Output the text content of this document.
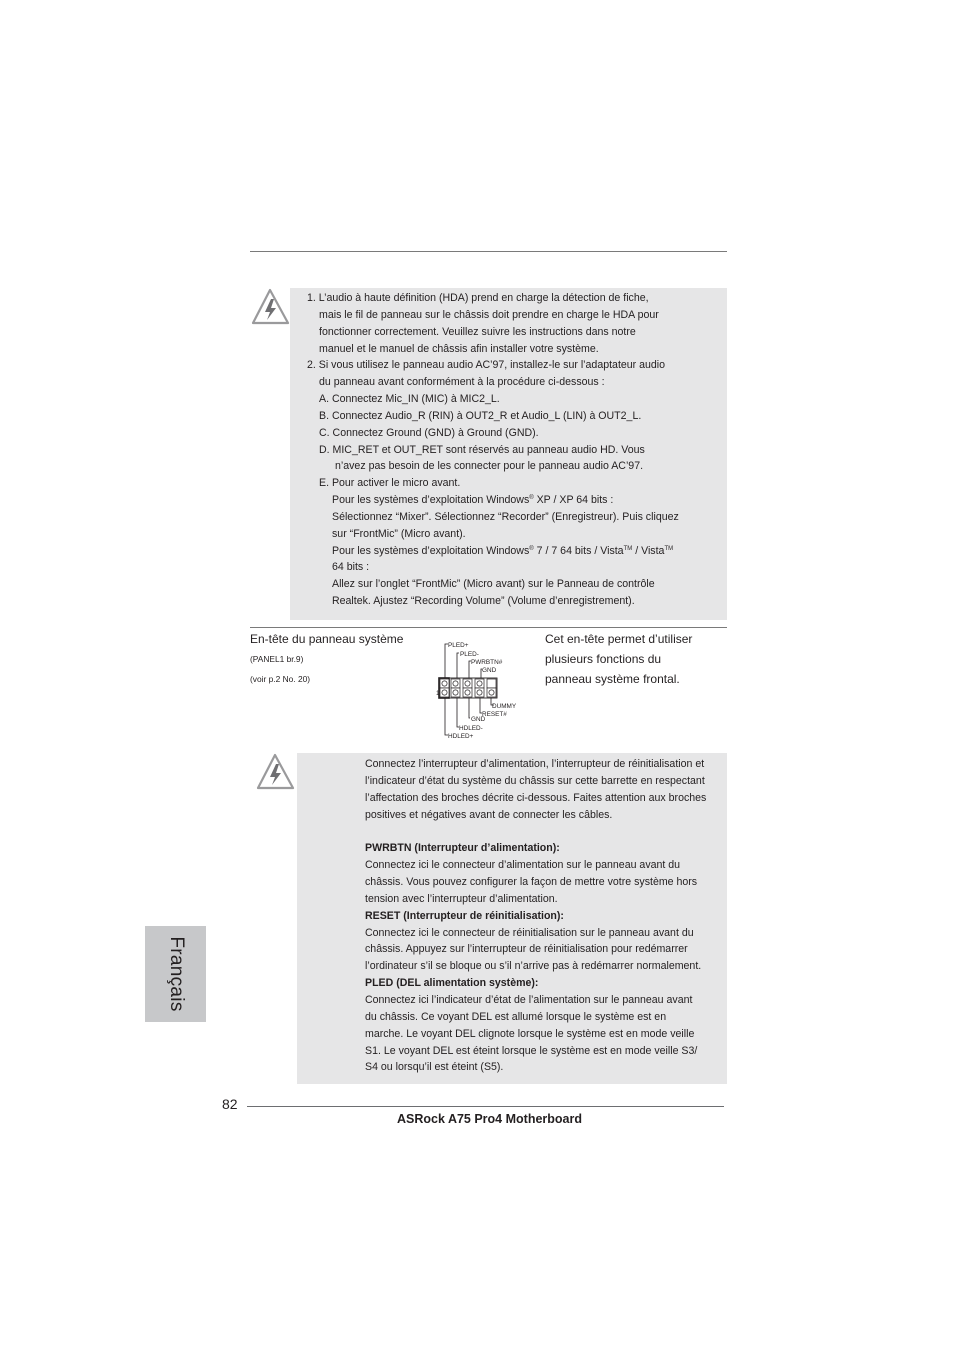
1. L’audio à haute définition (HDA) prend en charge la détection de fiche,
mais le fil de panneau sur le châssis doit prendre en charge le HDA pour
fonctionner correctement. Veuillez suivre les instructions dans notre
manuel et le manuel de châssis afin installer votre système.
2. Si vous utilisez le panneau audio AC’97, installez-le sur l’adaptateur audio
du panneau avant conformément à la procédure ci-dessous :
A. Connectez Mic_IN (MIC) à MIC2_L.
B. Connectez Audio_R (RIN) à OUT2_R et Audio_L (LIN) à OUT2_L.
C. Connectez Ground (GND) à Ground (GND).
D. MIC_RET et OUT_RET sont réservés au panneau audio HD. Vous
n’avez pas besoin de les connecter pour le panneau audio AC’97.
E. Pour activer le micro avant.
Pour les systèmes d’exploitation Windows® XP / XP 64 bits :
Sélectionnez “Mixer”. Sélectionnez “Recorder” (Enregistreur). Puis cliquez
sur “FrontMic” (Micro avant).
Pour les systèmes d’exploitation Windows® 7 / 7 64 bits / Vista™ / Vista™
64 bits :
Allez sur l’onglet “FrontMic” (Micro avant) sur le Panneau de contrôle
Realtek. Ajustez “Recording Volume” (Volume d’enregistrement).
En-tête du panneau système
(PANEL1 br.9)
(voir p.2 No. 20)
Cet en-tête permet d’utiliser
plusieurs fonctions du
panneau système frontal.
1
PLED+
PLED-
PWRBTN#
GND
DUMMY
RESET#
GND
HDLED-
HDLED+
Connectez l’interrupteur d’alimentation, l’interrupteur de réinitialisation et
l’indicateur d’état du système du châssis sur cette barrette en respectant
l’affectation des broches décrite ci-dessous. Faites attention aux broches
positives et négatives avant de connecter les câbles.
PWRBTN (Interrupteur d’alimentation):
Connectez ici le connecteur d’alimentation sur le panneau avant du
châssis. Vous pouvez configurer la façon de mettre votre système hors
tension avec l’interrupteur d’alimentation.
RESET (Interrupteur de réinitialisation):
Connectez ici le connecteur de réinitialisation sur le panneau avant du
châssis. Appuyez sur l’interrupteur de réinitialisation pour redémarrer
l’ordinateur s’il se bloque ou s’il n’arrive pas à redémarrer normalement.
PLED (DEL alimentation système):
Connectez ici l’indicateur d’état de l’alimentation sur le panneau avant
du châssis. Ce voyant DEL est allumé lorsque le système est en
marche. Le voyant DEL clignote lorsque le système est en mode veille
S1. Le voyant DEL est éteint lorsque le système est en mode veille S3/
S4 ou lorsqu’il est éteint (S5).
Français
82
ASRock A75 Pro4 Motherboard
